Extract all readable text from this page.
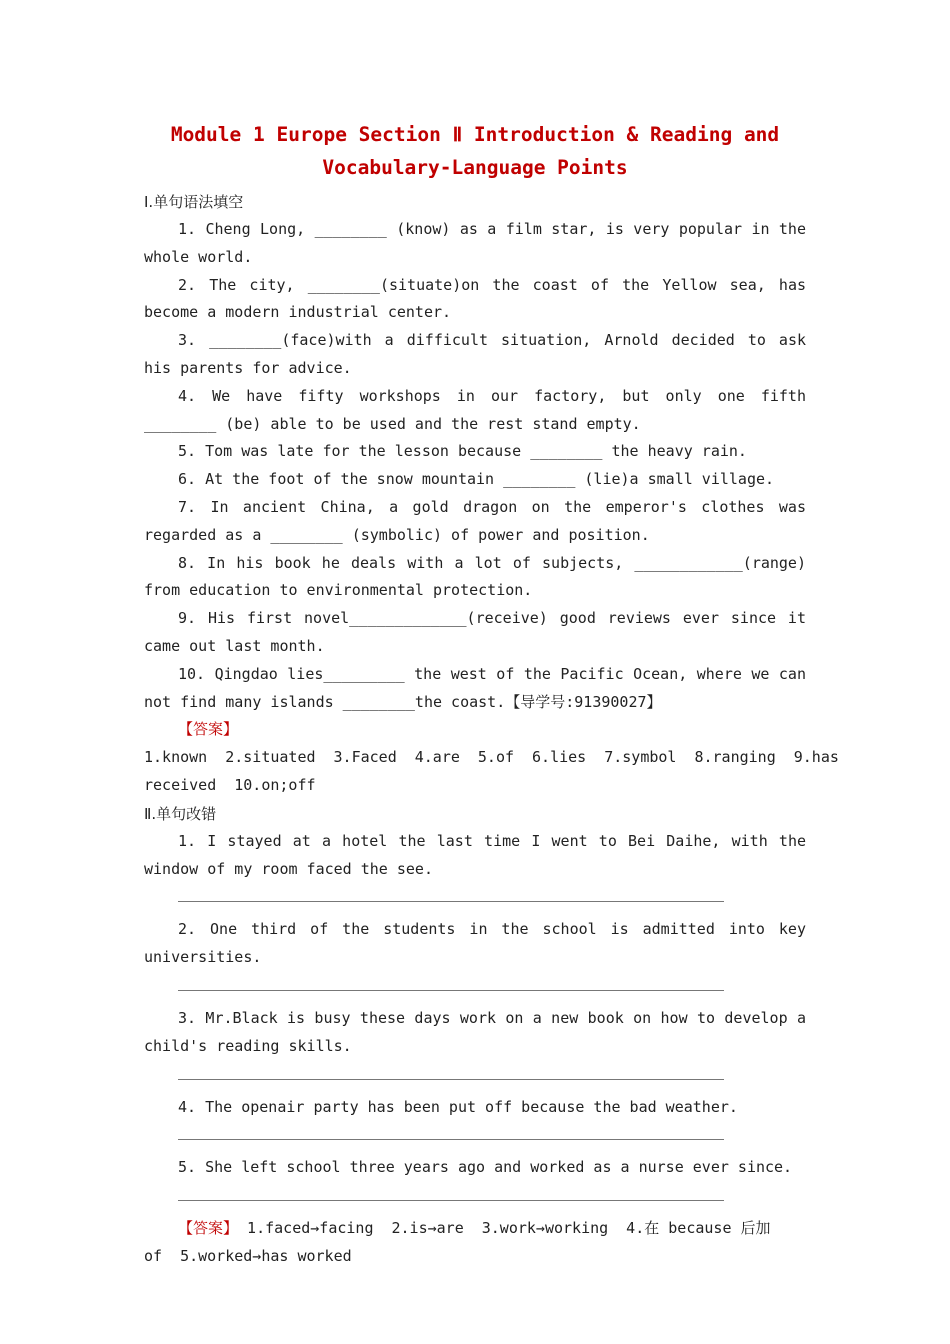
Module 1 Europe Section Ⅱ Introduction & Reading and
Vocabulary-Language Points
Ⅰ.单句语法填空

1. Cheng Long, ________ (know) as a film star, is very popular in the whole world.

2. The city, ________(situate)on the coast of the Yellow sea, has become a modern industrial center.

3. ________(face)with a difficult situation, Arnold decided to ask his parents for advice.

4. We have fifty workshops in our factory, but only one fifth ________ (be) able to be used and the rest stand empty.

5. Tom was late for the lesson because ________ the heavy rain.

6. At the foot of the snow mountain ________ (lie)a small village.

7. In ancient China, a gold dragon on the emperor's clothes was regarded as a ________ (symbolic) of power and position.

8. In his book he deals with a lot of subjects, ____________(range) from education to environmental protection.

9. His first novel_____________(receive) good reviews ever since it came out last month.

10. Qingdao lies_________ the west of the Pacific Ocean, where we can not find many islands ________the coast.【导学号:91390027】

【答案】 1.known 2.situated 3.Faced 4.are 5.of 6.lies 7.symbol 8.ranging 9.has received 10.on;off

Ⅱ.单句改错

1. I stayed at a hotel the last time I went to Bei Daihe, with the window of my room faced the see.

2. One third of the students in the school is admitted into key universities.

3. Mr.Black is busy these days work on a new book on how to develop a child's reading skills.

4. The openair party has been put off because the bad weather.

5. She left school three years ago and worked as a nurse ever since.

【答案】 1.faced→facing 2.is→are 3.work→working 4.在 because 后加 of 5.worked→has worked
